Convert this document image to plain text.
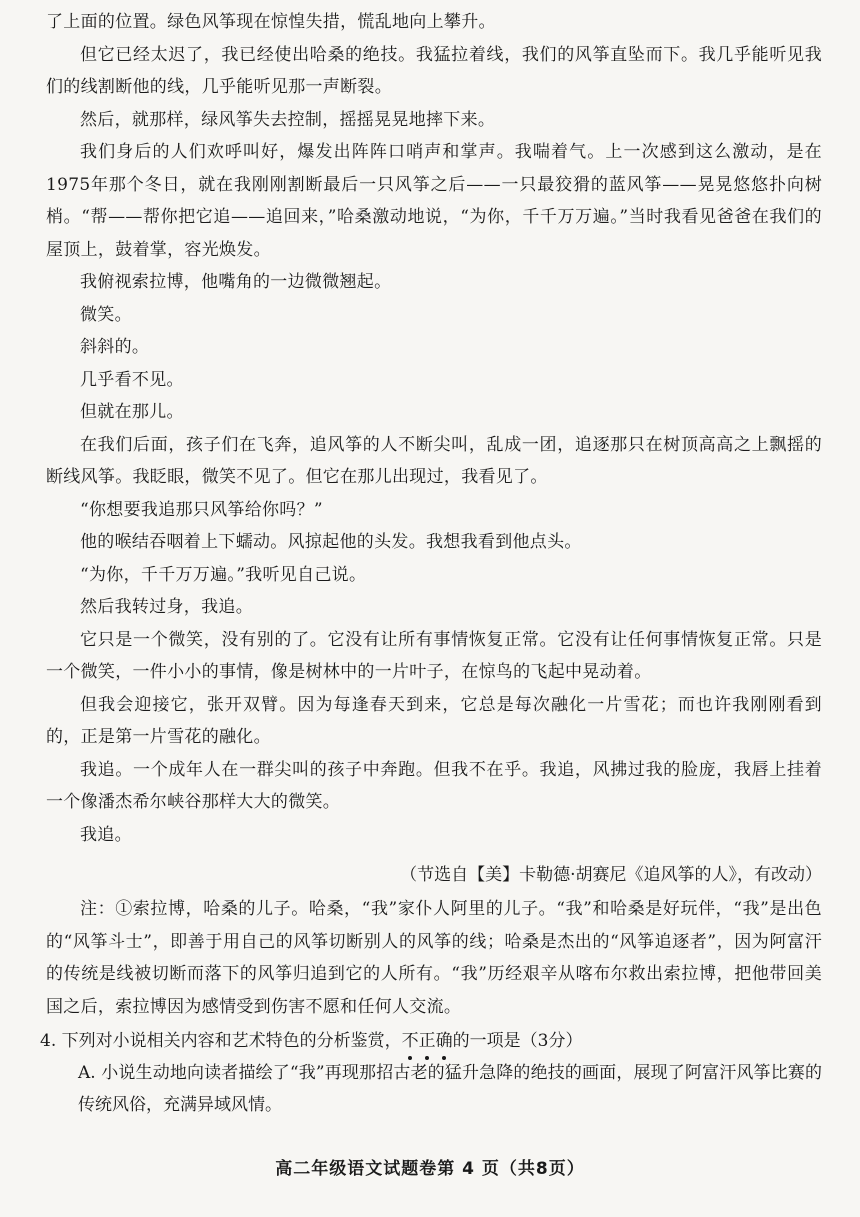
了上面的位置。绿色风筝现在惊惶失措，慌乱地向上攀升。

但它已经太迟了，我已经使出哈桑的绝技。我猛拉着线，我们的风筝直坠而下。我几乎能听见我们的线割断他的线，几乎能听见那一声断裂。

然后，就那样，绿风筝失去控制，摇摇晃晃地摔下来。

我们身后的人们欢呼叫好，爆发出阵阵口哨声和掌声。我喘着气。上一次感到这么激动，是在1975年那个冬日，就在我刚刚割断最后一只风筝之后——一只最狡猾的蓝风筝——晃晃悠悠扑向树梢。“帮——帮你把它追——追回来，”哈桑激动地说，“为你，千千万万遍。”当时我看见爸爸在我们的屋顶上，鼓着掌，容光焕发。

我俯视索拉博，他嘴角的一边微微翘起。

微笑。

斜斜的。

几乎看不见。

但就在那儿。

在我们后面，孩子们在飞奔，追风筝的人不断尖叫，乱成一团，追逐那只在树顶高高之上飘摇的断线风筝。我眨眼，微笑不见了。但它在那儿出现过，我看见了。

“你想要我追那只风筝给你吗？”

他的喉结吞咽着上下蠕动。风掠起他的头发。我想我看到他点头。

“为你，千千万万遍。”我听见自己说。

然后我转过身，我追。

它只是一个微笑，没有别的了。它没有让所有事情恢复正常。它没有让任何事情恢复正常。只是一个微笑，一件小小的事情，像是树林中的一片叶子，在惊鸟的飞起中晃动着。

但我会迎接它，张开双臂。因为每逢春天到来，它总是每次融化一片雪花；而也许我刚刚看到的，正是第一片雪花的融化。

我追。一个成年人在一群尖叫的孩子中奔跑。但我不在乎。我追，风拂过我的脸庞，我唇上挂着一个像潘杰希尔峡谷那样大大的微笑。

我追。

（节选自【美】卡勒德·胡赛尼《追风筝的人》，有改动）

注：①索拉博，哈桑的儿子。哈桑，“我”家仆人阿里的儿子。“我”和哈桑是好玩伴，“我”是出色的“风筝斗士”，即善于用自己的风筝切断别人的风筝的线；哈桑是杰出的“风筝追逐者”，因为阿富汗的传统是线被切断而落下的风筝归追到它的人所有。“我”历经艰辛从喀布尔救出索拉博，把他带回美国之后，索拉博因为感情受到伤害不愿和任何人交流。

4. 下列对小说相关内容和艺术特色的分析鉴赏，不
正
确
的一项是（3分）

A. 小说生动地向读者描绘了“我”再现那招古老的猛升急降的绝技的画面，展现了阿富汗风筝比赛的传统风俗，充满异域风情。

高二年级语文试题卷第 4 页（共8页）
